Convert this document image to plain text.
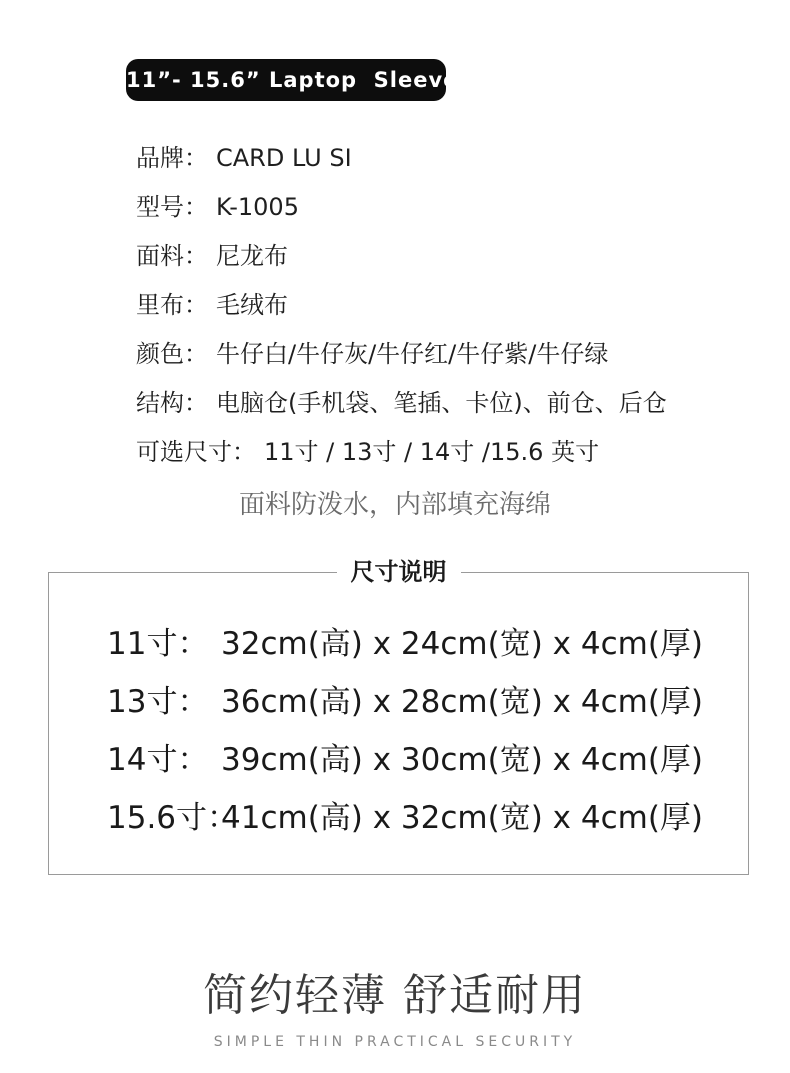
11”- 15.6” Laptop  Sleeve
品牌： CARD LU SI
型号： K-1005
面料： 尼龙布
里布： 毛绒布
颜色： 牛仔白/牛仔灰/牛仔红/牛仔紫/牛仔绿
结构： 电脑仓(手机袋、笔插、卡位)、前仓、后仓
可选尺寸： 11寸 / 13寸 / 14寸 /15.6 英寸
面料防泼水，内部填充海绵
尺寸说明
11寸： 32cm(高) x 24cm(宽) x 4cm(厚)
13寸： 36cm(高) x 28cm(宽) x 4cm(厚)
14寸： 39cm(高) x 30cm(宽) x 4cm(厚)
15.6寸：41cm(高) x 32cm(宽) x 4cm(厚)
简约轻薄 舒适耐用
SIMPLE THIN PRACTICAL SECURITY
